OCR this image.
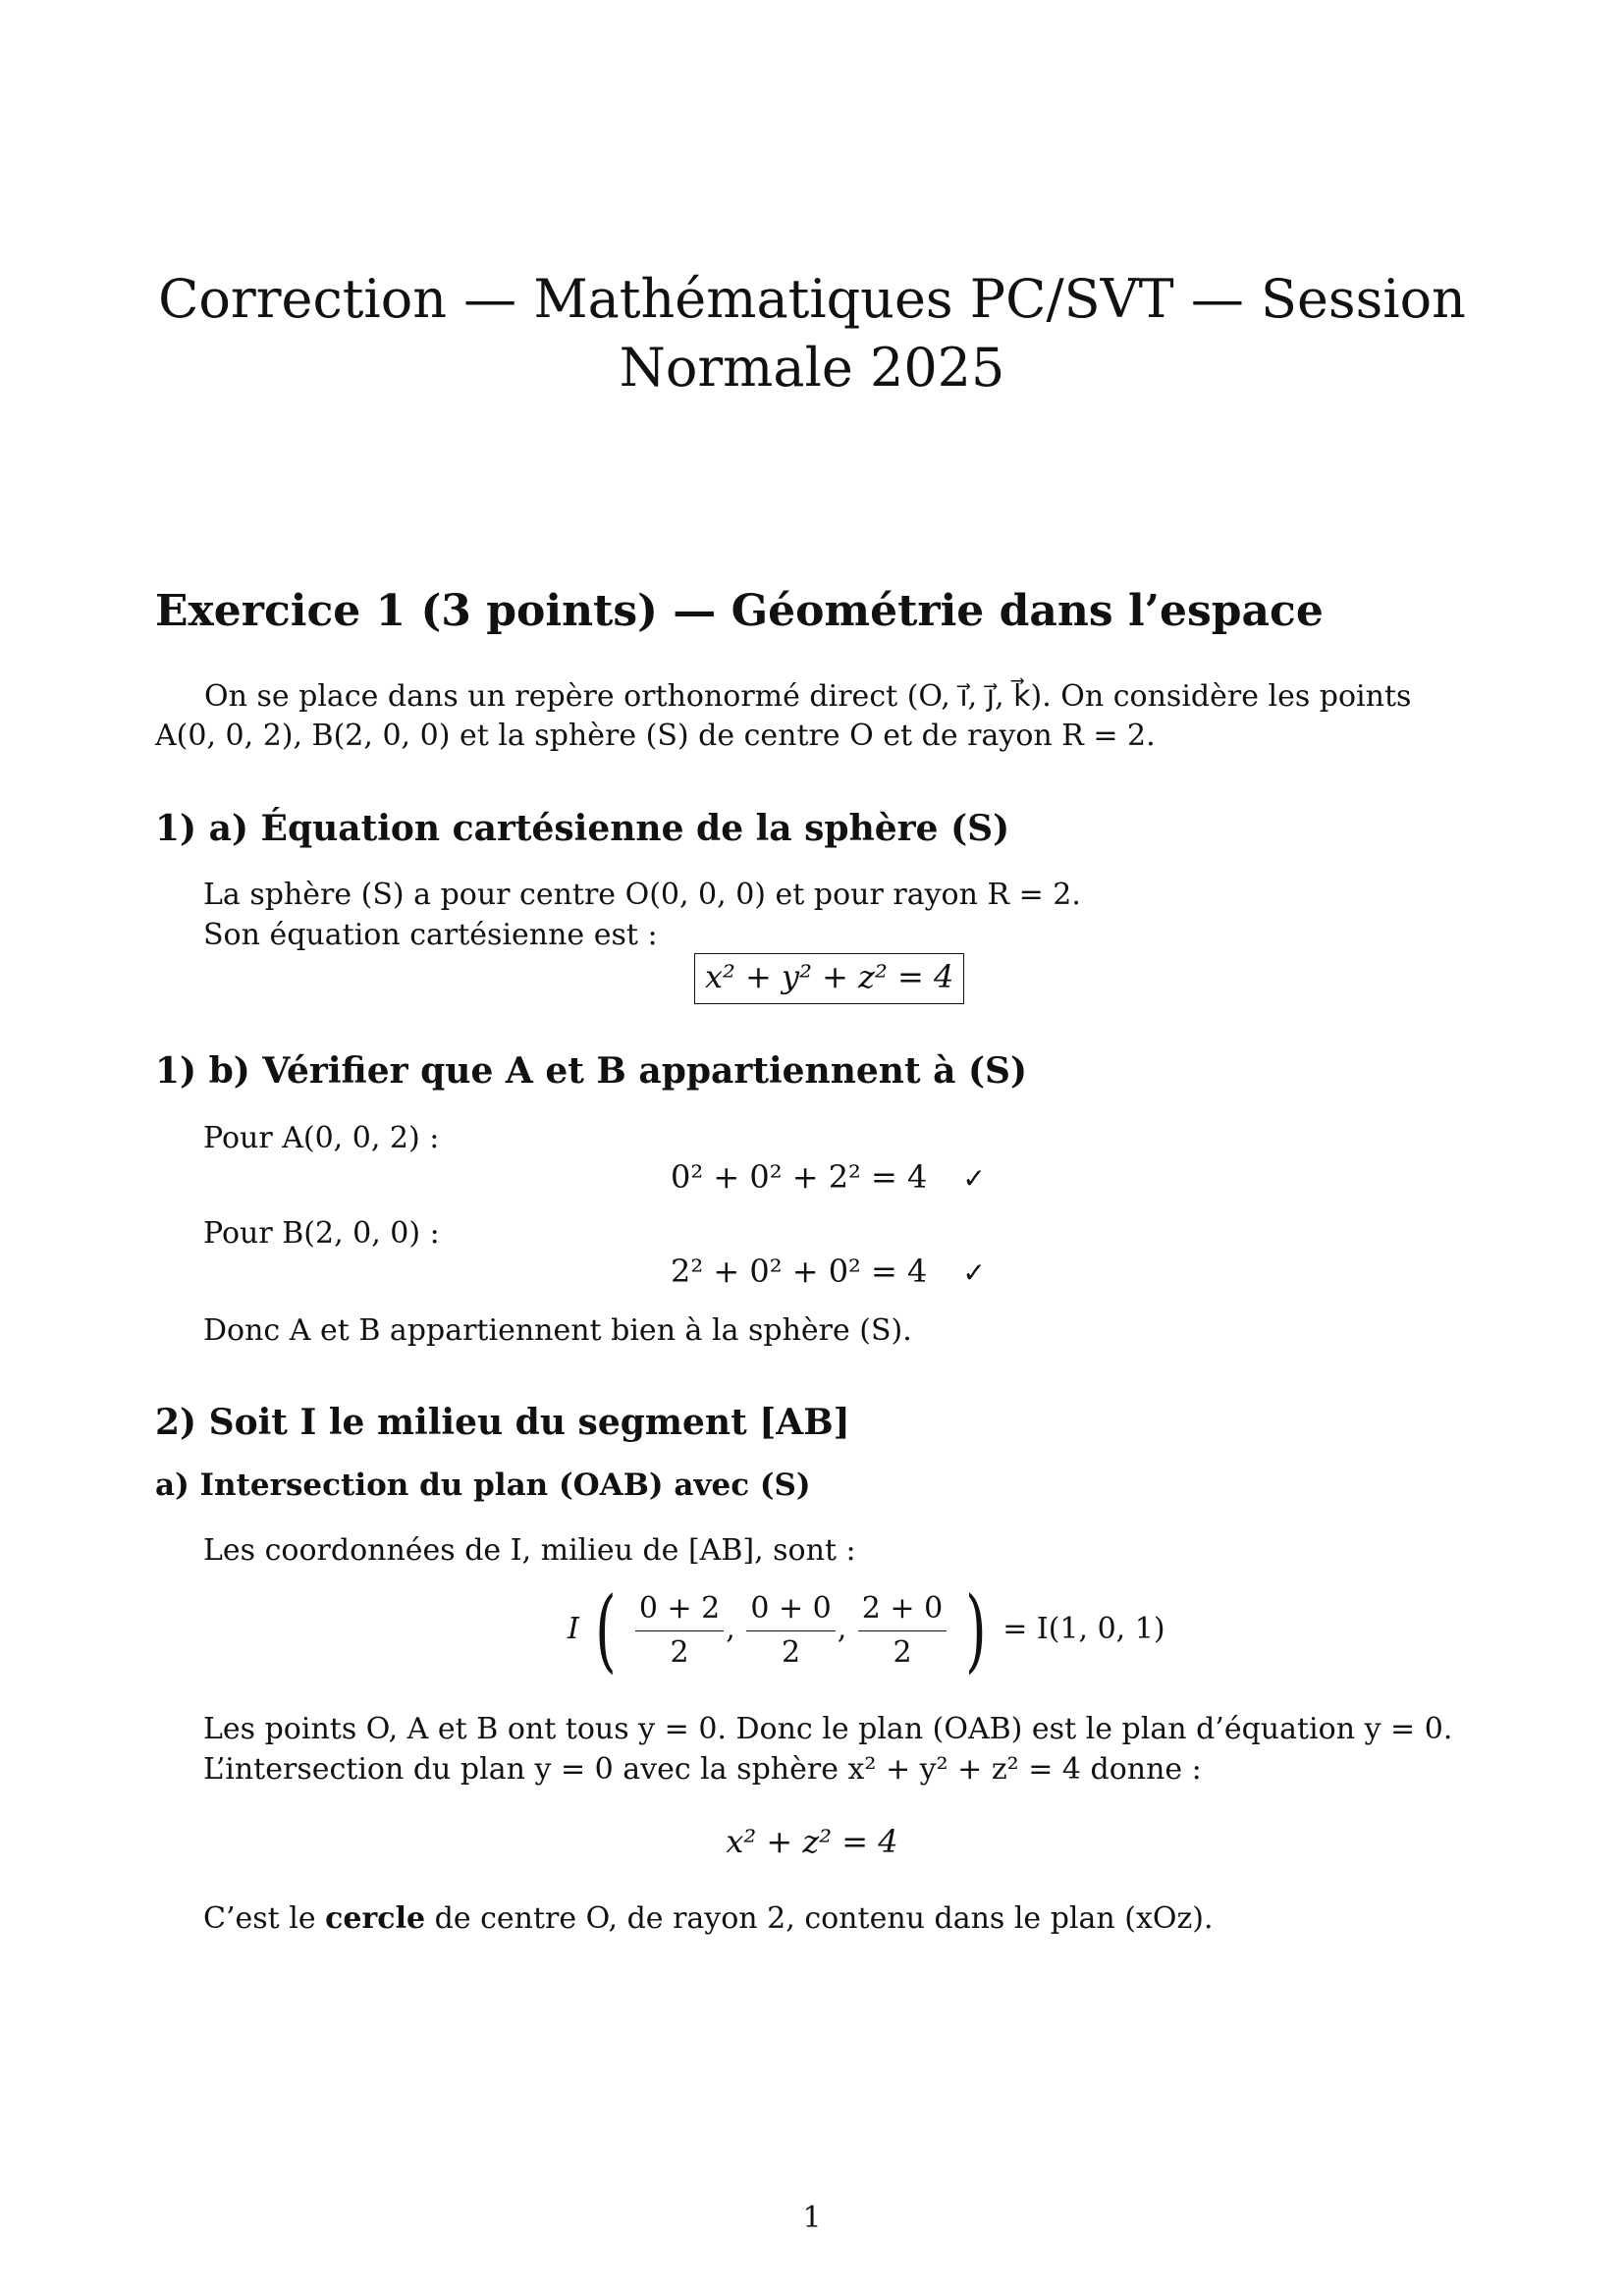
Correction — Mathématiques PC/SVT — Session
Normale 2025
Exercice 1 (3 points) — Géométrie dans l’espace
On se place dans un repère orthonormé direct (O, i⃗, j⃗, k⃗). On considère les points A(0, 0, 2), B(2, 0, 0) et la sphère (S) de centre O et de rayon R = 2.
1) a) Équation cartésienne de la sphère (S)
La sphère (S) a pour centre O(0, 0, 0) et pour rayon R = 2.
Son équation cartésienne est :
x² + y² + z² = 4
1) b) Vérifier que A et B appartiennent à (S)
Pour A(0, 0, 2) :
0² + 0² + 2² = 4 ✓
Pour B(2, 0, 0) :
2² + 0² + 0² = 4 ✓
Donc A et B appartiennent bien à la sphère (S).
2) Soit I le milieu du segment [AB]
a) Intersection du plan (OAB) avec (S)
Les coordonnées de I, milieu de [AB], sont :
I ( $\frac{0 + 2}{2}$ , $\frac{0 + 0}{2}$ , $\frac{2 + 0}{2}$ ) = I(1, 0, 1)
Les points O, A et B ont tous y = 0. Donc le plan (OAB) est le plan d’équation y = 0.
L’intersection du plan y = 0 avec la sphère x² + y² + z² = 4 donne :
x² + z² = 4
C’est le cercle de centre O, de rayon 2, contenu dans le plan (xOz).
1
